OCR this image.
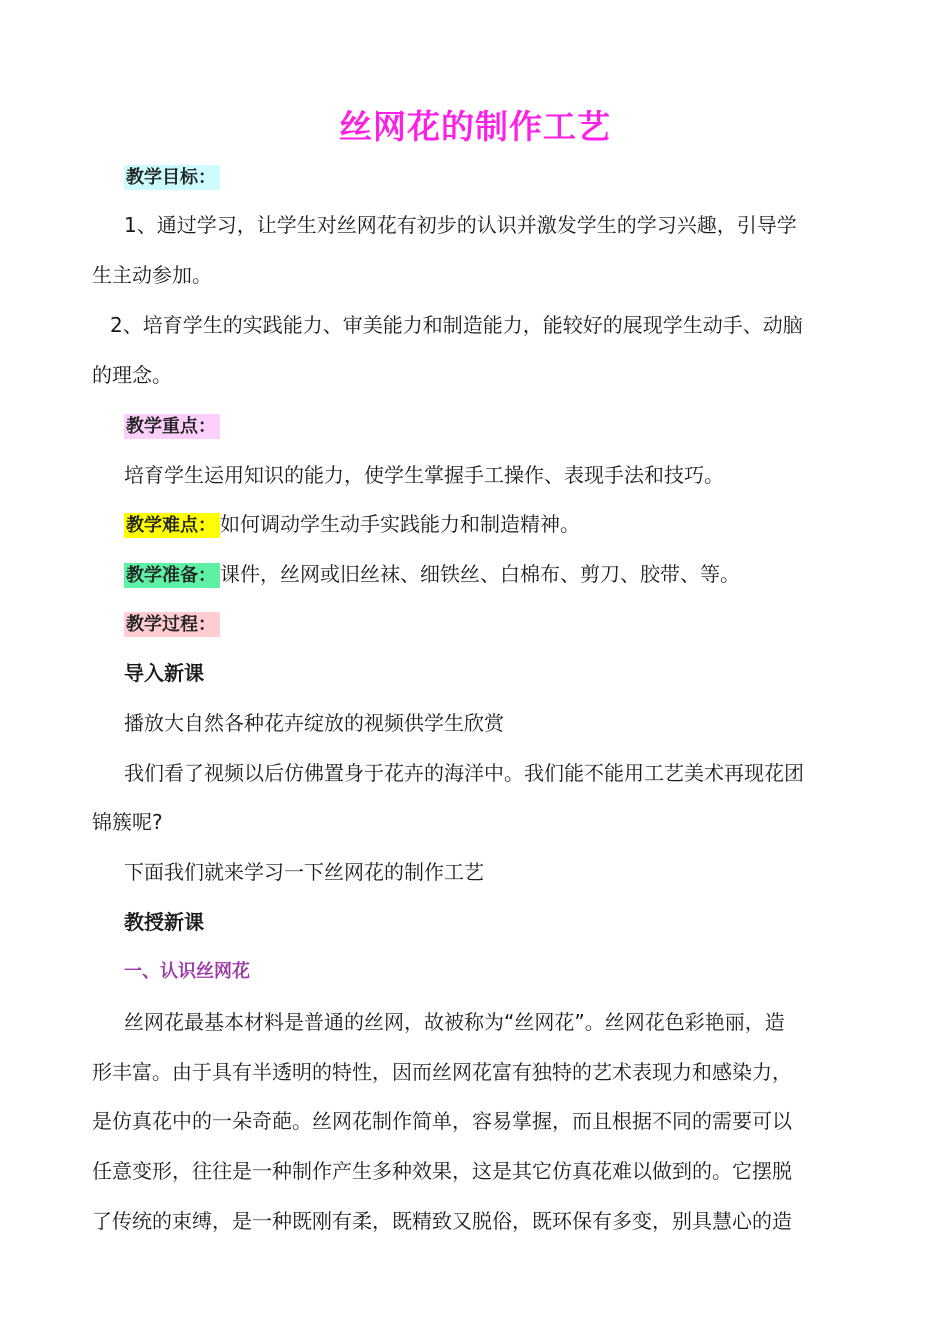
丝网花的制作工艺
教学目标：
1、通过学习，让学生对丝网花有初步的认识并激发学生的学习兴趣，引导学
生主动参加。
2、培育学生的实践能力、审美能力和制造能力，能较好的展现学生动手、动脑
的理念。
教学重点：
培育学生运用知识的能力，使学生掌握手工操作、表现手法和技巧。
教学难点： 如何调动学生动手实践能力和制造精神。
教学准备： 课件，丝网或旧丝袜、细铁丝、白棉布、剪刀、胶带、等。
教学过程：
导入新课
播放大自然各种花卉绽放的视频供学生欣赏
我们看了视频以后仿佛置身于花卉的海洋中。我们能不能用工艺美术再现花团
锦簇呢?
下面我们就来学习一下丝网花的制作工艺
教授新课
一、认识丝网花
丝网花最基本材料是普通的丝网，故被称为“丝网花”。丝网花色彩艳丽，造
形丰富。由于具有半透明的特性，因而丝网花富有独特的艺术表现力和感染力，
是仿真花中的一朵奇葩。丝网花制作简单，容易掌握，而且根据不同的需要可以
任意变形，往往是一种制作产生多种效果，这是其它仿真花难以做到的。它摆脱
了传统的束缚，是一种既刚有柔，既精致又脱俗，既环保有多变，别具慧心的造
